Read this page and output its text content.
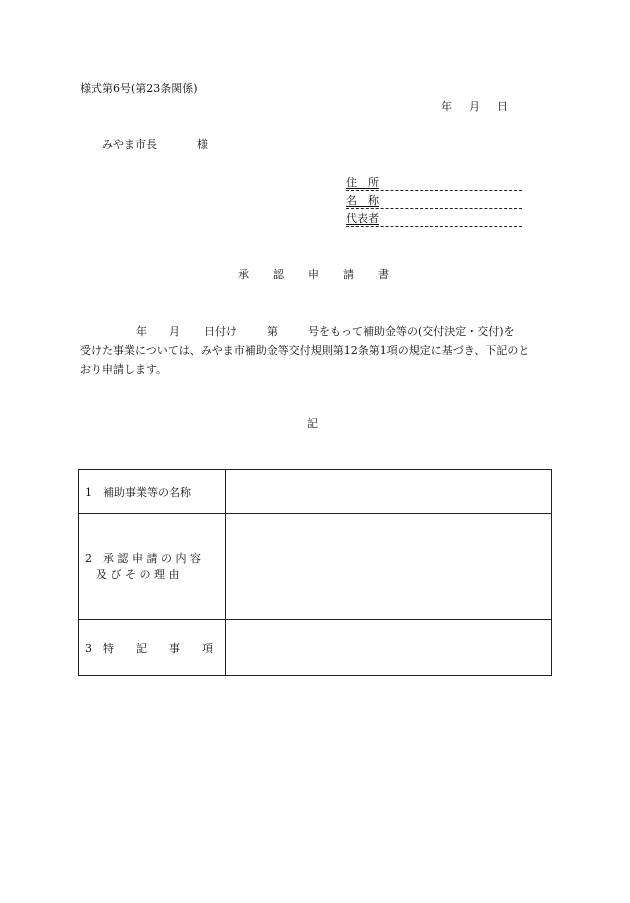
様式第6号(第23条関係)
年 月 日
みやま市長	様
住　所
名　称
代表者
承 認 申 請 書
年 月 日付け	第	号をもって補助金等の(交付決定・交付)を
受けた事業については、みやま市補助金等交付規則第12条第1項の規定に基づき、下記のと
おり申請します。
記
1　補助事業等の名称	

2　承 認 申 請 の 内 容
　及 び そ の 理 由	

3　特　　記　　事　　項	
